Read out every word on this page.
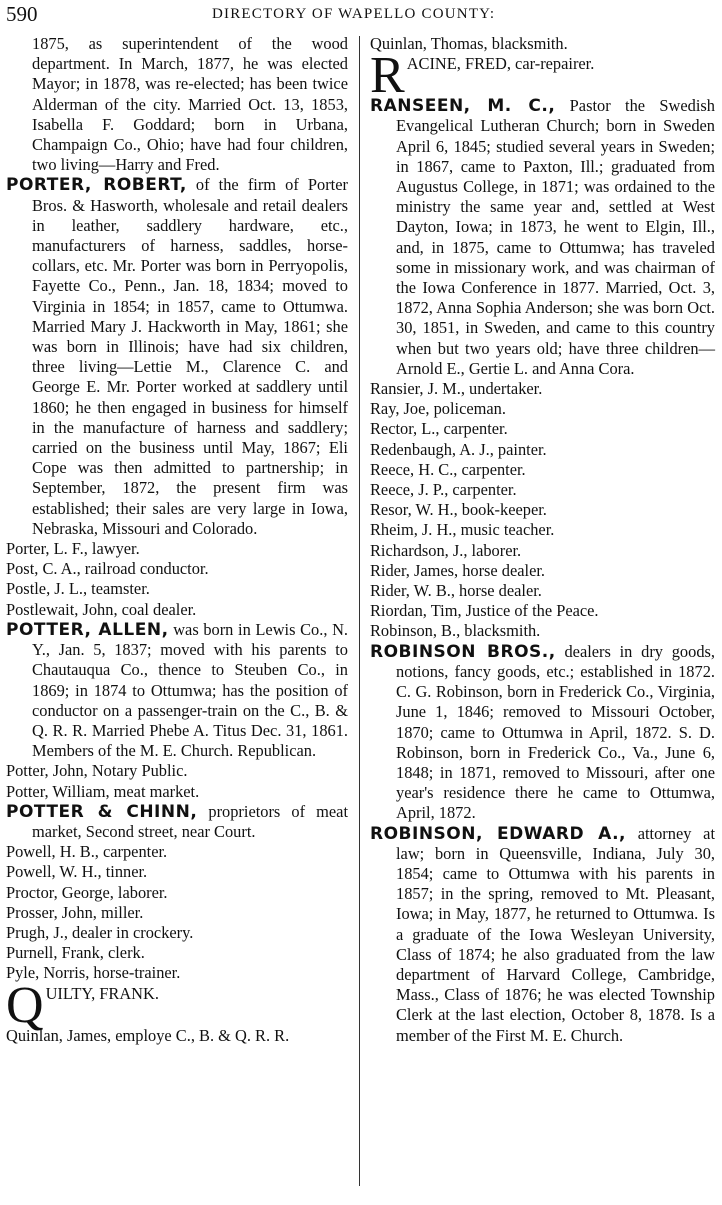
590	DIRECTORY OF WAPELLO COUNTY:

1875, as superintendent of the wood department. In March, 1877, he was elected Mayor; in 1878, was re-elected; has been twice Alderman of the city. Married Oct. 13, 1853, Isabella F. Goddard; born in Urbana, Champaign Co., Ohio; have had four children, two living—Harry and Fred.

PORTER, ROBERT, of the firm of Porter Bros. & Hasworth, wholesale and retail dealers in leather, saddlery hardware, etc., manufacturers of harness, saddles, horse-collars, etc. Mr. Porter was born in Perryopolis, Fayette Co., Penn., Jan. 18, 1834; moved to Virginia in 1854; in 1857, came to Ottumwa. Married Mary J. Hackworth in May, 1861; she was born in Illinois; have had six children, three living—Lettie M., Clarence C. and George E. Mr. Porter worked at saddlery until 1860; he then engaged in business for himself in the manufacture of harness and saddlery; carried on the business until May, 1867; Eli Cope was then admitted to partnership; in September, 1872, the present firm was established; their sales are very large in Iowa, Nebraska, Missouri and Colorado.

Porter, L. F., lawyer.

Post, C. A., railroad conductor.

Postle, J. L., teamster.

Postlewait, John, coal dealer.

POTTER, ALLEN, was born in Lewis Co., N. Y., Jan. 5, 1837; moved with his parents to Chautauqua Co., thence to Steuben Co., in 1869; in 1874 to Ottumwa; has the position of conductor on a passenger-train on the C., B. & Q. R. R. Married Phebe A. Titus Dec. 31, 1861. Members of the M. E. Church. Republican.

Potter, John, Notary Public.

Potter, William, meat market.

POTTER & CHINN, proprietors of meat market, Second street, near Court.

Powell, H. B., carpenter.

Powell, W. H., tinner.

Proctor, George, laborer.

Prosser, John, miller.

Prugh, J., dealer in crockery.

Purnell, Frank, clerk.

Pyle, Norris, horse-trainer.

QUILTY, FRANK.

Quinlan, James, employe C., B. & Q. R. R.

Quinlan, Thomas, blacksmith.

RACINE, FRED, car-repairer.

RANSEEN, M. C., Pastor the Swedish Evangelical Lutheran Church; born in Sweden April 6, 1845; studied several years in Sweden; in 1867, came to Paxton, Ill.; graduated from Augustus College, in 1871; was ordained to the ministry the same year and, settled at West Dayton, Iowa; in 1873, he went to Elgin, Ill., and, in 1875, came to Ottumwa; has traveled some in missionary work, and was chairman of the Iowa Conference in 1877. Married, Oct. 3, 1872, Anna Sophia Anderson; she was born Oct. 30, 1851, in Sweden, and came to this country when but two years old; have three children—Arnold E., Gertie L. and Anna Cora.

Ransier, J. M., undertaker.

Ray, Joe, policeman.

Rector, L., carpenter.

Redenbaugh, A. J., painter.

Reece, H. C., carpenter.

Reece, J. P., carpenter.

Resor, W. H., book-keeper.

Rheim, J. H., music teacher.

Richardson, J., laborer.

Rider, James, horse dealer.

Rider, W. B., horse dealer.

Riordan, Tim, Justice of the Peace.

Robinson, B., blacksmith.

ROBINSON BROS., dealers in dry goods, notions, fancy goods, etc.; established in 1872. C. G. Robinson, born in Frederick Co., Virginia, June 1, 1846; removed to Missouri October, 1870; came to Ottumwa in April, 1872. S. D. Robinson, born in Frederick Co., Va., June 6, 1848; in 1871, removed to Missouri, after one year's residence there he came to Ottumwa, April, 1872.

ROBINSON, EDWARD A., attorney at law; born in Queensville, Indiana, July 30, 1854; came to Ottumwa with his parents in 1857; in the spring, removed to Mt. Pleasant, Iowa; in May, 1877, he returned to Ottumwa. Is a graduate of the Iowa Wesleyan University, Class of 1874; he also graduated from the law department of Harvard College, Cambridge, Mass., Class of 1876; he was elected Township Clerk at the last election, October 8, 1878. Is a member of the First M. E. Church.
